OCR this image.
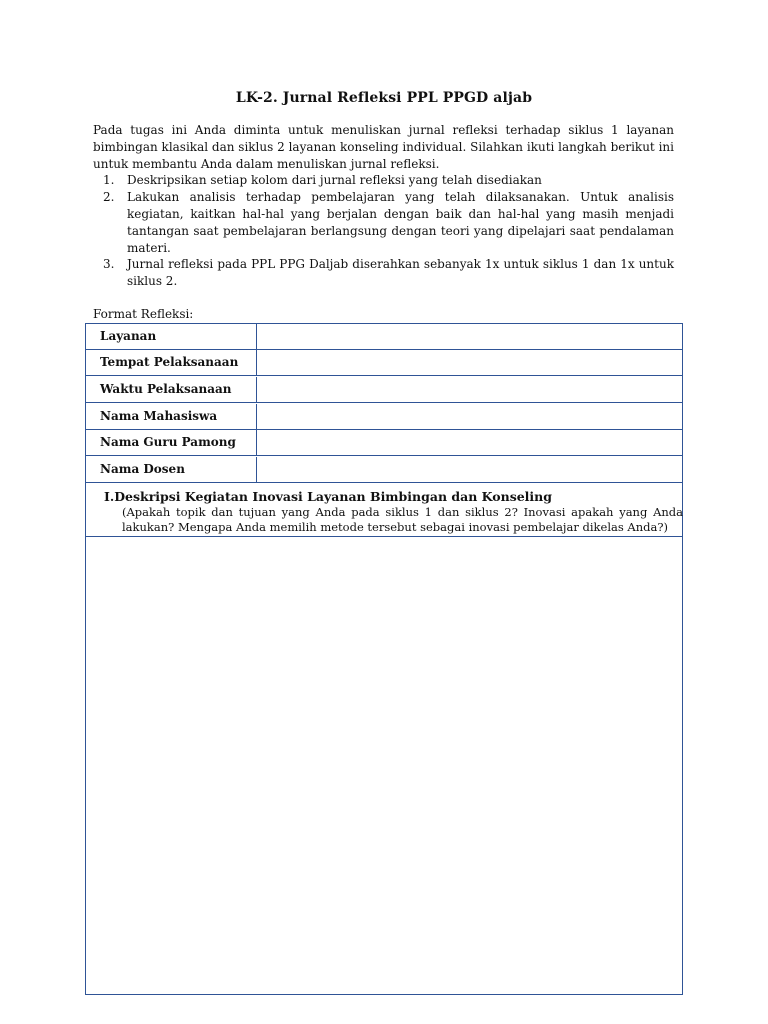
LK-2. Jurnal Refleksi PPL PPGD aljab

Pada tugas ini Anda diminta untuk menuliskan jurnal refleksi terhadap siklus 1 layanan bimbingan klasikal dan siklus 2 layanan konseling individual. Silahkan ikuti langkah berikut ini untuk membantu Anda dalam menuliskan jurnal refleksi.

1. Deskripsikan setiap kolom dari jurnal refleksi yang telah disediakan
2. Lakukan analisis terhadap pembelajaran yang telah dilaksanakan. Untuk analisis kegiatan, kaitkan hal-hal yang berjalan dengan baik dan hal-hal yang masih menjadi tantangan saat pembelajaran berlangsung dengan teori yang dipelajari saat pendalaman materi.
3. Jurnal refleksi pada PPL PPG Daljab diserahkan sebanyak 1x untuk siklus 1 dan 1x untuk siklus 2.
Format Refleksi:
Layanan
Tempat Pelaksanaan
Waktu Pelaksanaan
Nama Mahasiswa
Nama Guru Pamong
Nama Dosen
I.Deskripsi Kegiatan Inovasi Layanan Bimbingan dan Konseling
(Apakah topik dan tujuan yang Anda pada siklus 1 dan siklus 2? Inovasi apakah yang Anda lakukan? Mengapa Anda memilih metode tersebut sebagai inovasi pembelajar dikelas Anda?)
